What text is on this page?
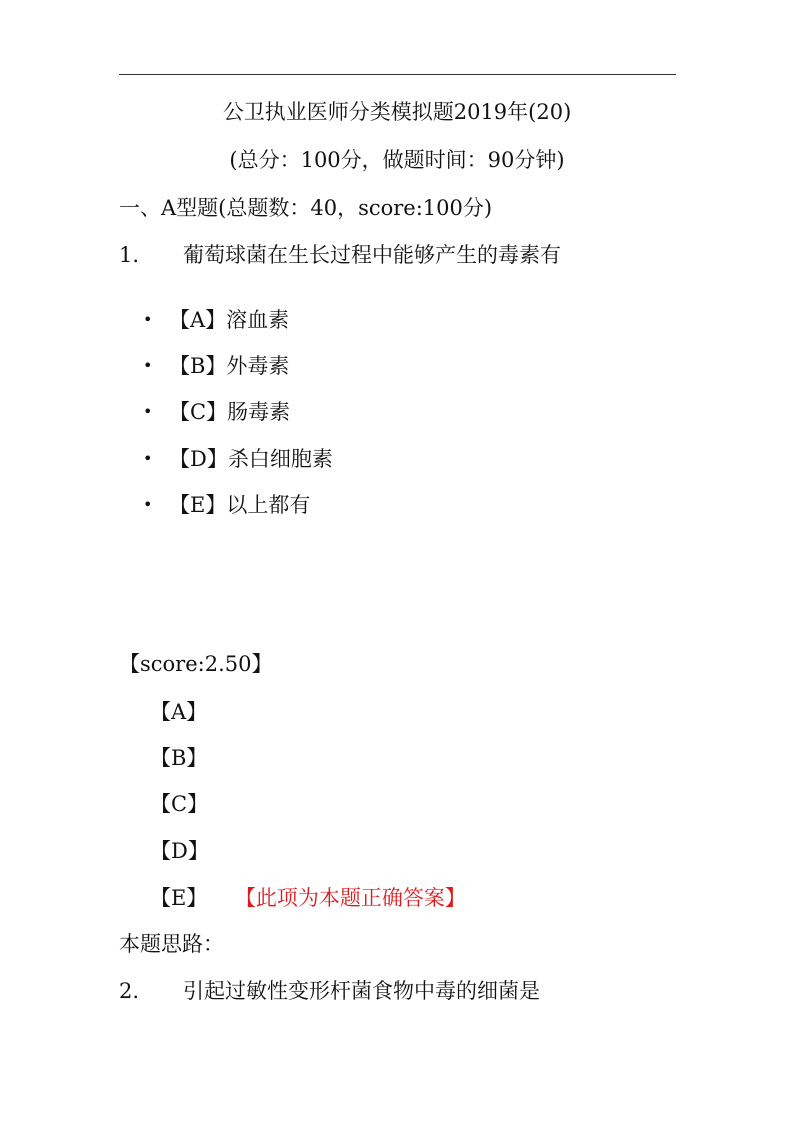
公卫执业医师分类模拟题2019年(20)
(总分：100分，做题时间：90分钟)
一、A型题(总题数：40，score:100分)
1. 葡萄球菌在生长过程中能够产生的毒素有
• 【A】溶血素
• 【B】外毒素
• 【C】肠毒素
• 【D】杀白细胞素
• 【E】以上都有
【score:2.50】
【A】
【B】
【C】
【D】
【E】 【此项为本题正确答案】
本题思路：
2. 引起过敏性变形杆菌食物中毒的细菌是
